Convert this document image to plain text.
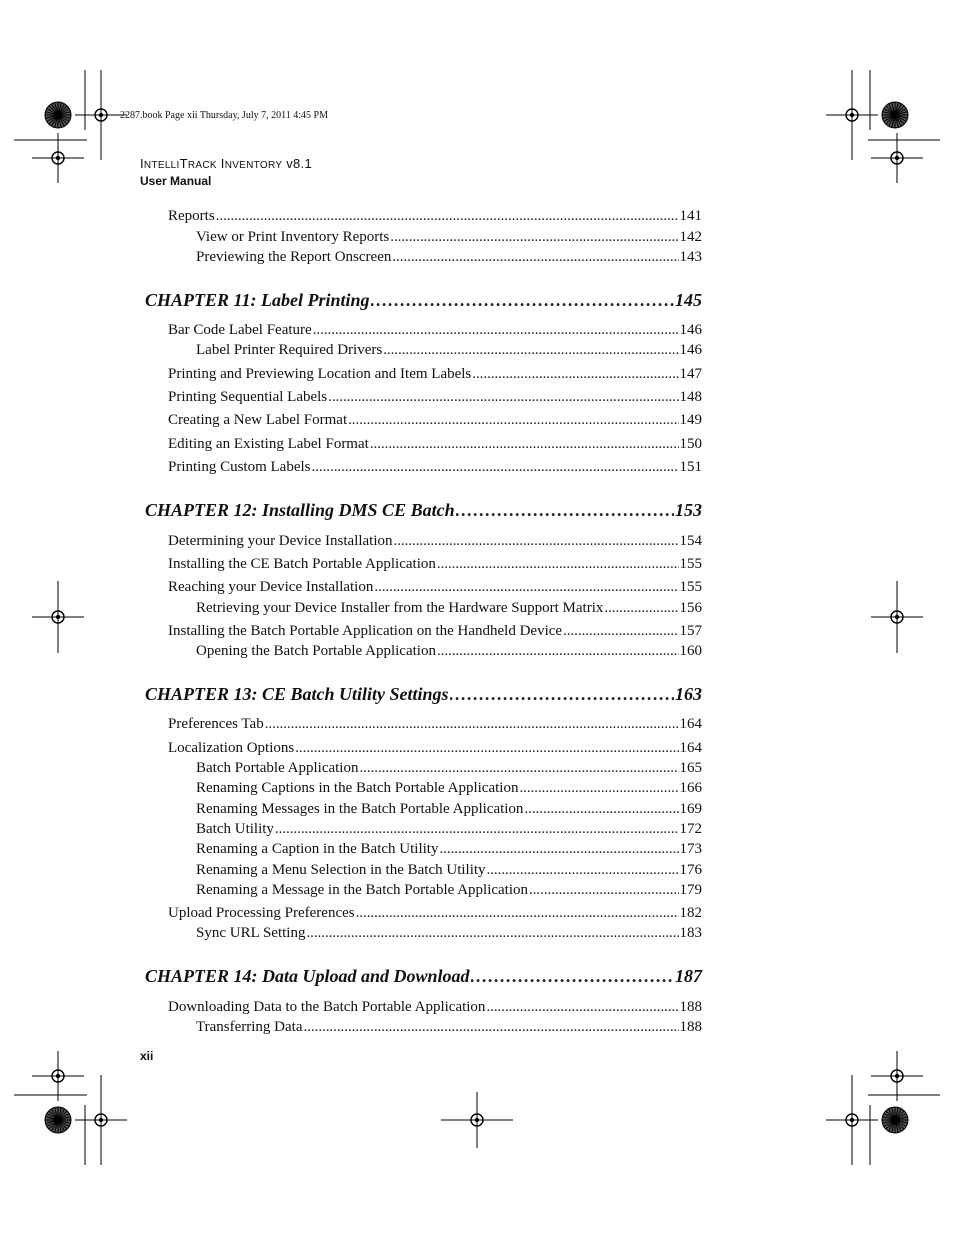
2287.book Page xii Thursday, July 7, 2011 4:45 PM
INTELLITRACK INVENTORY v8.1
User Manual
Reports . . .	141
View or Print Inventory Reports . . .	142
Previewing the Report Onscreen . . .	143
CHAPTER 11: Label Printing . . .	145
Bar Code Label Feature . . .	146
Label Printer Required Drivers . . .	146
Printing and Previewing Location and Item Labels . . .	147
Printing Sequential Labels . . .	148
Creating a New Label Format . . .	149
Editing an Existing Label Format . . .	150
Printing Custom Labels . . .	151
CHAPTER 12: Installing DMS CE Batch . . .	153
Determining your Device Installation . . .	154
Installing the CE Batch Portable Application . . .	155
Reaching your Device Installation . . .	155
Retrieving your Device Installer from the Hardware Support Matrix . . .	156
Installing the Batch Portable Application on the Handheld Device . . .	157
Opening the Batch Portable Application . . .	160
CHAPTER 13: CE Batch Utility Settings . . .	163
Preferences Tab . . .	164
Localization Options . . .	164
Batch Portable Application . . .	165
Renaming Captions in the Batch Portable Application . . .	166
Renaming Messages in the Batch Portable Application . . .	169
Batch Utility . . .	172
Renaming a Caption in the Batch Utility . . .	173
Renaming a Menu Selection in the Batch Utility . . .	176
Renaming a Message in the Batch Portable Application . . .	179
Upload Processing Preferences . . .	182
Sync URL Setting . . .	183
CHAPTER 14: Data Upload and Download . . .	187
Downloading Data to the Batch Portable Application . . .	188
Transferring Data . . .	188
xii
